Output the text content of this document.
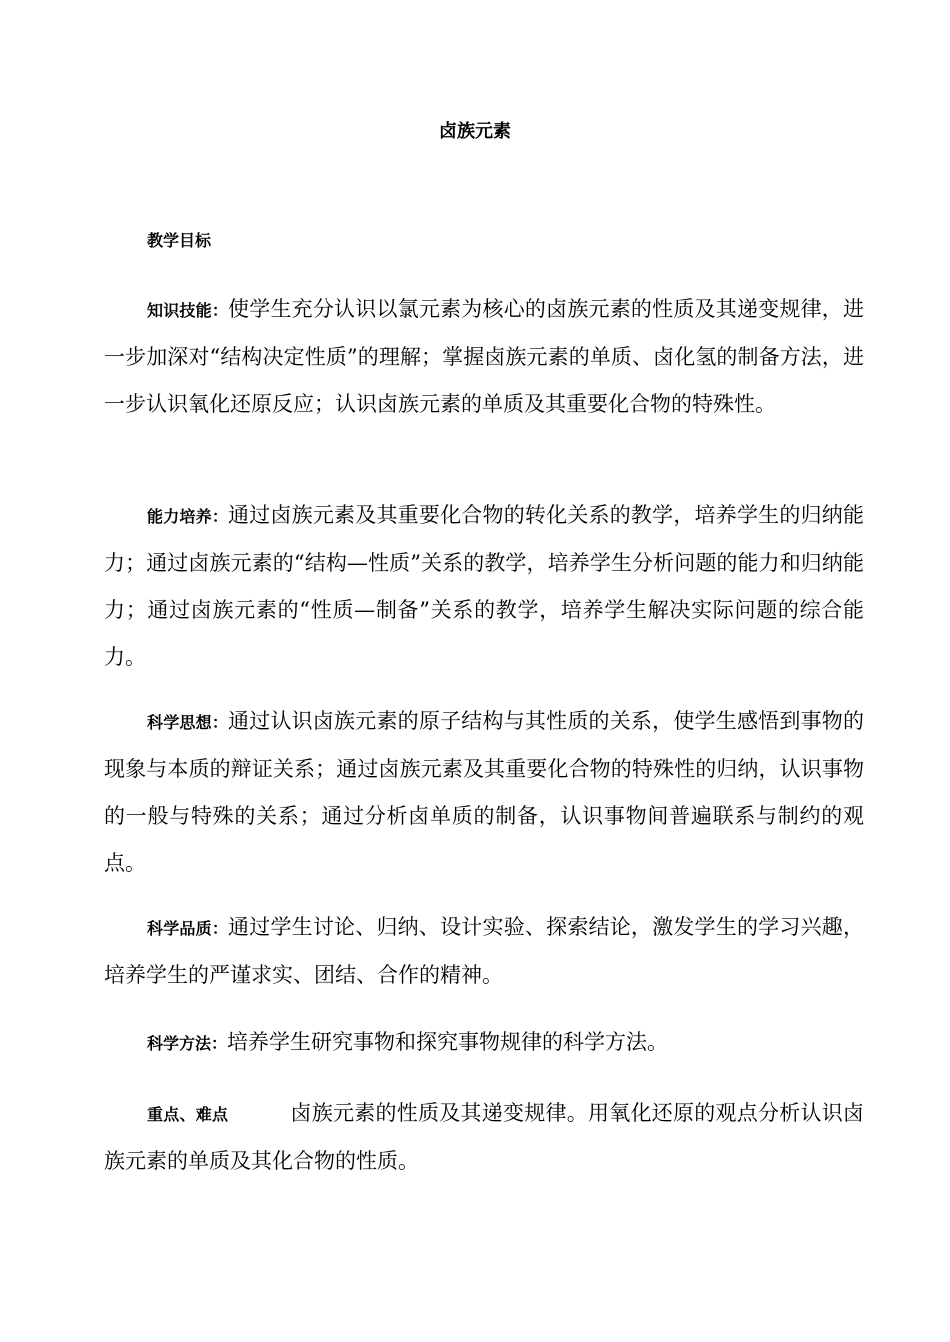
卤族元素
教学目标

知识技能：使学生充分认识以氯元素为核心的卤族元素的性质及其递变规律，进一步加深对“结构决定性质”的理解；掌握卤族元素的单质、卤化氢的制备方法，进一步认识氧化还原反应；认识卤族元素的单质及其重要化合物的特殊性。

能力培养：通过卤族元素及其重要化合物的转化关系的教学，培养学生的归纳能力；通过卤族元素的“结构—性质”关系的教学，培养学生分析问题的能力和归纳能力；通过卤族元素的“性质—制备”关系的教学，培养学生解决实际问题的综合能力。

科学思想：通过认识卤族元素的原子结构与其性质的关系，使学生感悟到事物的现象与本质的辩证关系；通过卤族元素及其重要化合物的特殊性的归纳，认识事物的一般与特殊的关系；通过分析卤单质的制备，认识事物间普遍联系与制约的观点。

科学品质：通过学生讨论、归纳、设计实验、探索结论，激发学生的学习兴趣，培养学生的严谨求实、团结、合作的精神。

科学方法：培养学生研究事物和探究事物规律的科学方法。

重点、难点	卤族元素的性质及其递变规律。用氧化还原的观点分析认识卤族元素的单质及其化合物的性质。
